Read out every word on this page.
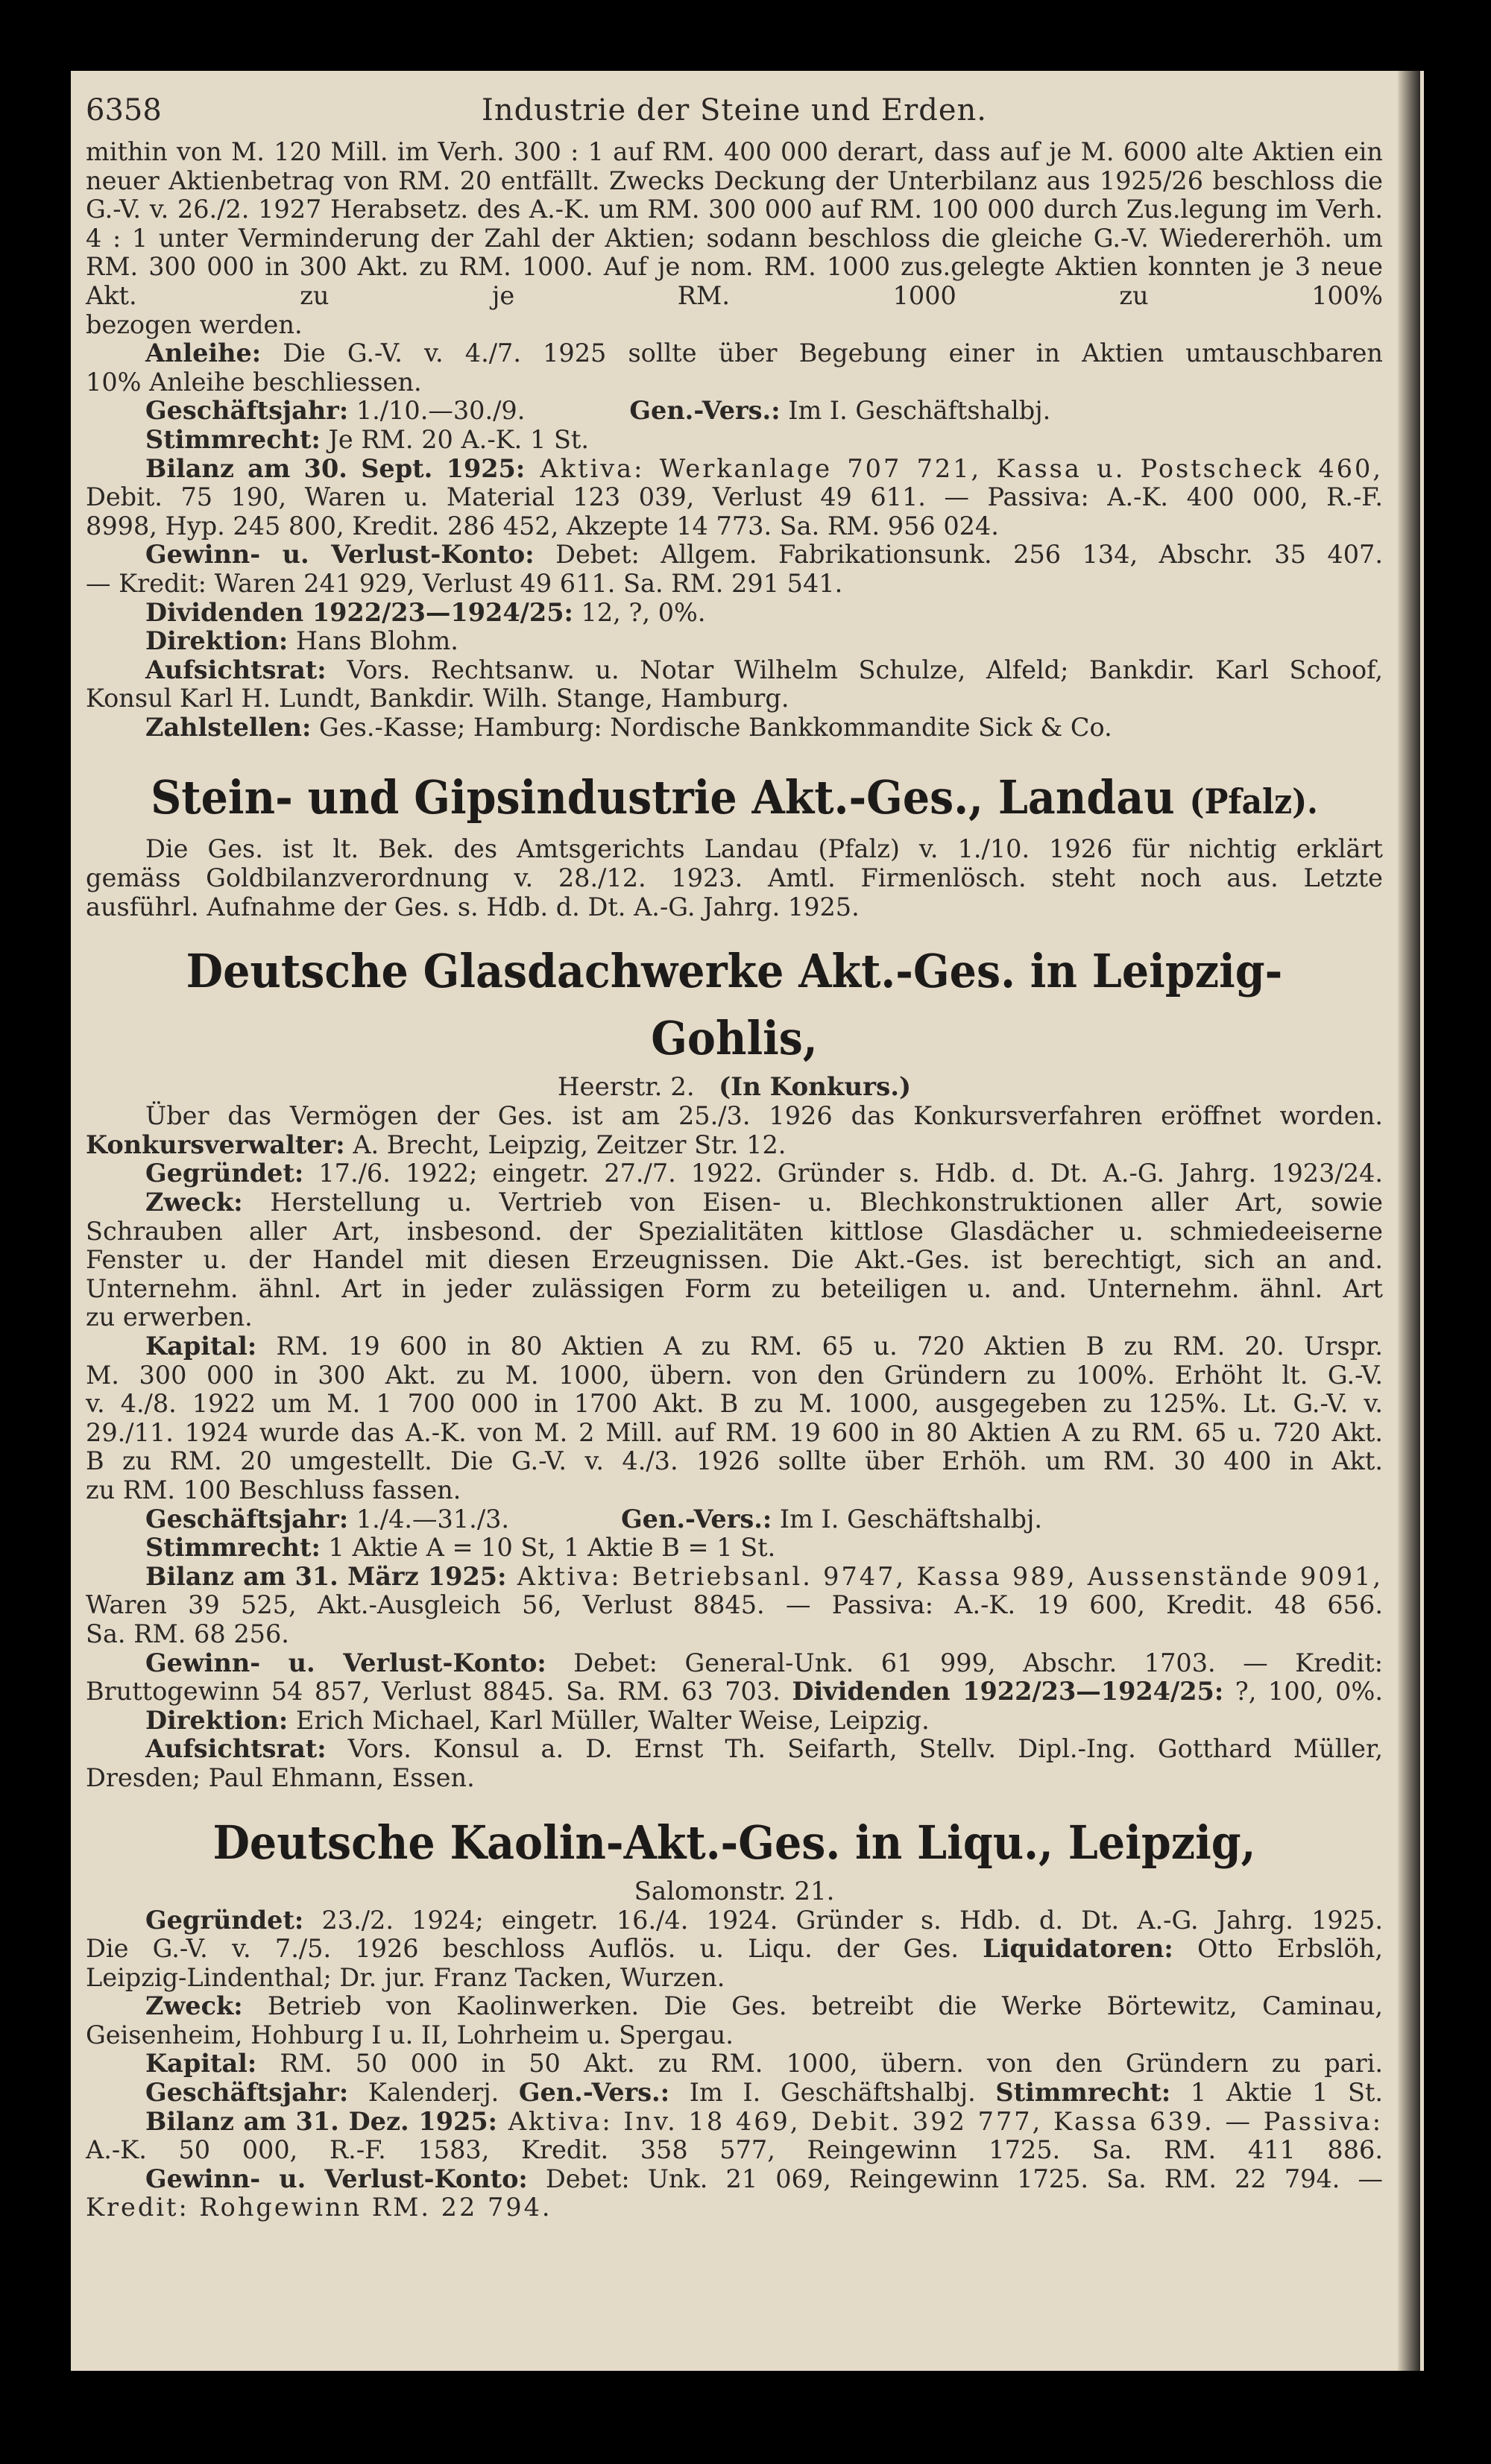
6358	Industrie der Steine und Erden.
mithin von M. 120 Mill. im Verh. 300 : 1 auf RM. 400 000 derart, dass auf je M. 6000 alte Aktien ein neuer Aktienbetrag von RM. 20 entfällt. Zwecks Deckung der Unterbilanz aus 1925/26 beschloss die G.-V. v. 26./2. 1927 Herabsetz. des A.-K. um RM. 300 000 auf RM. 100 000 durch Zus.legung im Verh. 4 : 1 unter Verminderung der Zahl der Aktien; sodann beschloss die gleiche G.-V. Wiedererhöh. um RM. 300 000 in 300 Akt. zu RM. 1000. Auf je nom. RM. 1000 zus.gelegte Aktien konnten je 3 neue Akt. zu je RM. 1000 zu 100%
bezogen werden.
Anleihe: Die G.-V. v. 4./7. 1925 sollte über Begebung einer in Aktien umtauschbaren
10% Anleihe beschliessen.
Geschäftsjahr: 1./10.—30./9.	Gen.-Vers.: Im I. Geschäftshalbj.
Stimmrecht: Je RM. 20 A.-K. 1 St.
Bilanz am 30. Sept. 1925: Aktiva: Werkanlage 707 721, Kassa u. Postscheck 460,
Debit. 75 190, Waren u. Material 123 039, Verlust 49 611. — Passiva: A.-K. 400 000, R.-F.
8998, Hyp. 245 800, Kredit. 286 452, Akzepte 14 773. Sa. RM. 956 024.
Gewinn- u. Verlust-Konto: Debet: Allgem. Fabrikationsunk. 256 134, Abschr. 35 407.
— Kredit: Waren 241 929, Verlust 49 611. Sa. RM. 291 541.
Dividenden 1922/23—1924/25: 12, ?, 0%.
Direktion: Hans Blohm.
Aufsichtsrat: Vors. Rechtsanw. u. Notar Wilhelm Schulze, Alfeld; Bankdir. Karl Schoof,
Konsul Karl H. Lundt, Bankdir. Wilh. Stange, Hamburg.
Zahlstellen: Ges.-Kasse; Hamburg: Nordische Bankkommandite Sick & Co.
Stein- und Gipsindustrie Akt.-Ges., Landau (Pfalz).
Die Ges. ist lt. Bek. des Amtsgerichts Landau (Pfalz) v. 1./10. 1926 für nichtig erklärt
gemäss Goldbilanzverordnung v. 28./12. 1923. Amtl. Firmenlösch. steht noch aus. Letzte
ausführl. Aufnahme der Ges. s. Hdb. d. Dt. A.-G. Jahrg. 1925.
Deutsche Glasdachwerke Akt.-Ges. in Leipzig-Gohlis,
Heerstr. 2. (In Konkurs.)
Über das Vermögen der Ges. ist am 25./3. 1926 das Konkursverfahren eröffnet worden.
Konkursverwalter: A. Brecht, Leipzig, Zeitzer Str. 12.
Gegründet: 17./6. 1922; eingetr. 27./7. 1922. Gründer s. Hdb. d. Dt. A.-G. Jahrg. 1923/24.
Zweck: Herstellung u. Vertrieb von Eisen- u. Blechkonstruktionen aller Art, sowie
Schrauben aller Art, insbesond. der Spezialitäten kittlose Glasdächer u. schmiedeeiserne
Fenster u. der Handel mit diesen Erzeugnissen. Die Akt.-Ges. ist berechtigt, sich an and.
Unternehm. ähnl. Art in jeder zulässigen Form zu beteiligen u. and. Unternehm. ähnl. Art
zu erwerben.
Kapital: RM. 19 600 in 80 Aktien A zu RM. 65 u. 720 Aktien B zu RM. 20. Urspr.
M. 300 000 in 300 Akt. zu M. 1000, übern. von den Gründern zu 100%. Erhöht lt. G.-V.
v. 4./8. 1922 um M. 1 700 000 in 1700 Akt. B zu M. 1000, ausgegeben zu 125%. Lt. G.-V. v.
29./11. 1924 wurde das A.-K. von M. 2 Mill. auf RM. 19 600 in 80 Aktien A zu RM. 65 u. 720 Akt.
B zu RM. 20 umgestellt. Die G.-V. v. 4./3. 1926 sollte über Erhöh. um RM. 30 400 in Akt.
zu RM. 100 Beschluss fassen.
Geschäftsjahr: 1./4.—31./3.	Gen.-Vers.: Im I. Geschäftshalbj.
Stimmrecht: 1 Aktie A = 10 St, 1 Aktie B = 1 St.
Bilanz am 31. März 1925: Aktiva: Betriebsanl. 9747, Kassa 989, Aussenstände 9091,
Waren 39 525, Akt.-Ausgleich 56, Verlust 8845. — Passiva: A.-K. 19 600, Kredit. 48 656.
Sa. RM. 68 256.
Gewinn- u. Verlust-Konto: Debet: General-Unk. 61 999, Abschr. 1703. — Kredit:
Bruttogewinn 54 857, Verlust 8845. Sa. RM. 63 703. Dividenden 1922/23—1924/25: ?, 100, 0%.
Direktion: Erich Michael, Karl Müller, Walter Weise, Leipzig.
Aufsichtsrat: Vors. Konsul a. D. Ernst Th. Seifarth, Stellv. Dipl.-Ing. Gotthard Müller,
Dresden; Paul Ehmann, Essen.
Deutsche Kaolin-Akt.-Ges. in Liqu., Leipzig,
Salomonstr. 21.
Gegründet: 23./2. 1924; eingetr. 16./4. 1924. Gründer s. Hdb. d. Dt. A.-G. Jahrg. 1925.
Die G.-V. v. 7./5. 1926 beschloss Auflös. u. Liqu. der Ges. Liquidatoren: Otto Erbslöh,
Leipzig-Lindenthal; Dr. jur. Franz Tacken, Wurzen.
Zweck: Betrieb von Kaolinwerken. Die Ges. betreibt die Werke Börtewitz, Caminau,
Geisenheim, Hohburg I u. II, Lohrheim u. Spergau.
Kapital: RM. 50 000 in 50 Akt. zu RM. 1000, übern. von den Gründern zu pari.
Geschäftsjahr: Kalenderj. Gen.-Vers.: Im I. Geschäftshalbj. Stimmrecht: 1 Aktie 1 St.
Bilanz am 31. Dez. 1925: Aktiva: Inv. 18 469, Debit. 392 777, Kassa 639. — Passiva:
A.-K. 50 000, R.-F. 1583, Kredit. 358 577, Reingewinn 1725. Sa. RM. 411 886.
Gewinn- u. Verlust-Konto: Debet: Unk. 21 069, Reingewinn 1725. Sa. RM. 22 794. —
Kredit: Rohgewinn RM. 22 794.
